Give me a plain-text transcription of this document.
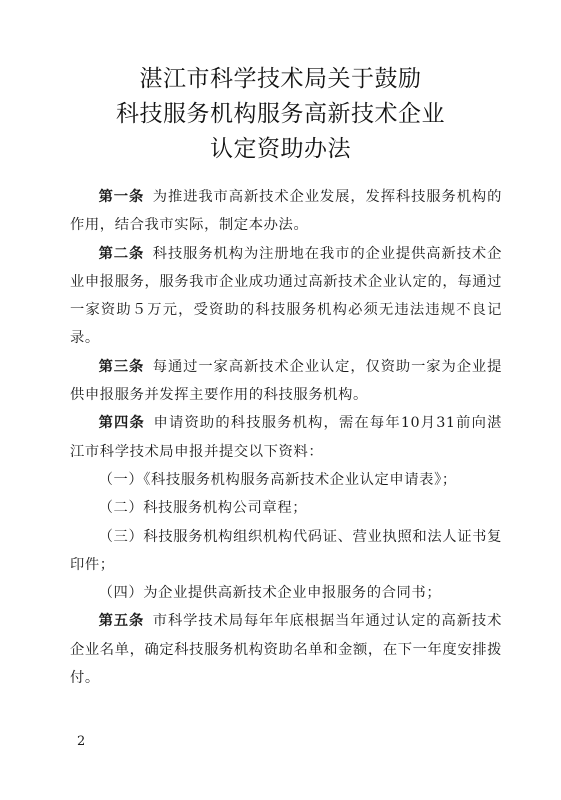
湛江市科学技术局关于鼓励
科技服务机构服务高新技术企业
认定资助办法

第一条 为推进我市高新技术企业发展，发挥科技服务机构的作用，结合我市实际，制定本办法。

第二条 科技服务机构为注册地在我市的企业提供高新技术企业申报服务，服务我市企业成功通过高新技术企业认定的，每通过一家资助５万元，受资助的科技服务机构必须无违法违规不良记录。

第三条 每通过一家高新技术企业认定，仅资助一家为企业提供申报服务并发挥主要作用的科技服务机构。

第四条 申请资助的科技服务机构，需在每年10月31前向湛江市科学技术局申报并提交以下资料：

（一）《科技服务机构服务高新技术企业认定申请表》；

（二）科技服务机构公司章程；

（三）科技服务机构组织机构代码证、营业执照和法人证书复印件；

（四）为企业提供高新技术企业申报服务的合同书；

第五条 市科学技术局每年年底根据当年通过认定的高新技术企业名单，确定科技服务机构资助名单和金额，在下一年度安排拨付。

2
